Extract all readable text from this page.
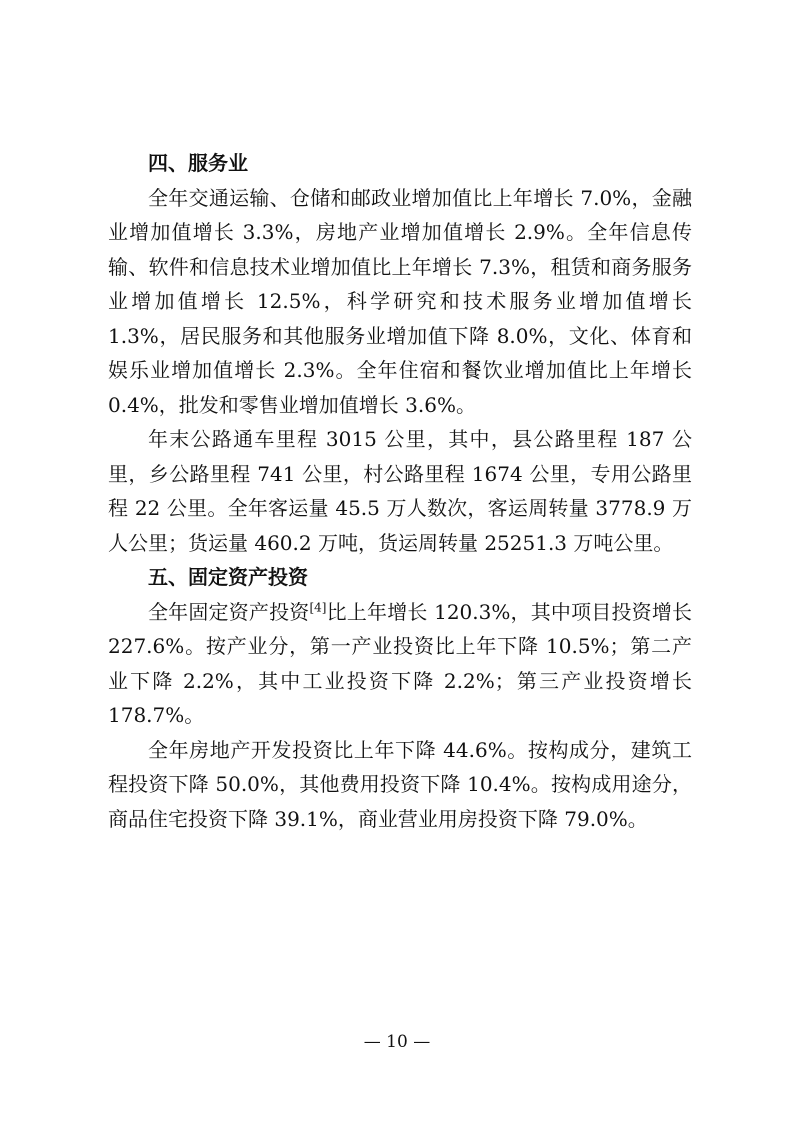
四、服务业

全年交通运输、仓储和邮政业增加值比上年增长 7.0%，金融业增加值增长 3.3%，房地产业增加值增长 2.9%。全年信息传输、软件和信息技术业增加值比上年增长 7.3%，租赁和商务服务业增加值增长 12.5%，科学研究和技术服务业增加值增长 1.3%，居民服务和其他服务业增加值下降 8.0%，文化、体育和娱乐业增加值增长 2.3%。全年住宿和餐饮业增加值比上年增长 0.4%，批发和零售业增加值增长 3.6%。

年末公路通车里程 3015 公里，其中，县公路里程 187 公里，乡公路里程 741 公里，村公路里程 1674 公里，专用公路里程 22 公里。全年客运量 45.5 万人数次，客运周转量 3778.9 万人公里；货运量 460.2 万吨，货运周转量 25251.3 万吨公里。

五、固定资产投资

全年固定资产投资[4]比上年增长 120.3%，其中项目投资增长 227.6%。按产业分，第一产业投资比上年下降 10.5%；第二产业下降 2.2%，其中工业投资下降 2.2%；第三产业投资增长 178.7%。

全年房地产开发投资比上年下降 44.6%。按构成分，建筑工程投资下降 50.0%，其他费用投资下降 10.4%。按构成用途分，商品住宅投资下降 39.1%，商业营业用房投资下降 79.0%。

— 10 —
